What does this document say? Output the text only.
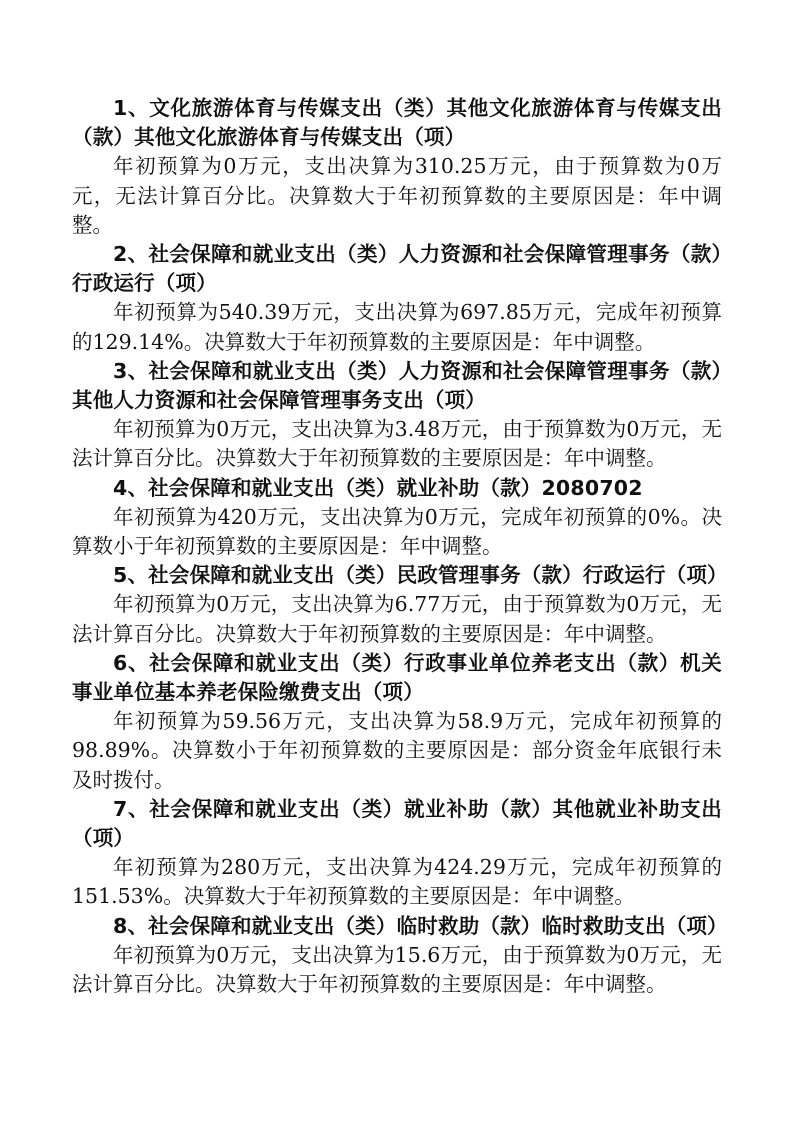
1、文化旅游体育与传媒支出（类）其他文化旅游体育与传媒支出（款）其他文化旅游体育与传媒支出（项）

年初预算为0万元，支出决算为310.25万元，由于预算数为0万元，无法计算百分比。决算数大于年初预算数的主要原因是：年中调整。

2、社会保障和就业支出（类）人力资源和社会保障管理事务（款）行政运行（项）

年初预算为540.39万元，支出决算为697.85万元，完成年初预算的129.14%。决算数大于年初预算数的主要原因是：年中调整。

3、社会保障和就业支出（类）人力资源和社会保障管理事务（款）其他人力资源和社会保障管理事务支出（项）

年初预算为0万元，支出决算为3.48万元，由于预算数为0万元，无法计算百分比。决算数大于年初预算数的主要原因是：年中调整。

4、社会保障和就业支出（类）就业补助（款）2080702

年初预算为420万元，支出决算为0万元，完成年初预算的0%。决算数小于年初预算数的主要原因是：年中调整。

5、社会保障和就业支出（类）民政管理事务（款）行政运行（项）

年初预算为0万元，支出决算为6.77万元，由于预算数为0万元，无法计算百分比。决算数大于年初预算数的主要原因是：年中调整。

6、社会保障和就业支出（类）行政事业单位养老支出（款）机关事业单位基本养老保险缴费支出（项）

年初预算为59.56万元，支出决算为58.9万元，完成年初预算的98.89%。决算数小于年初预算数的主要原因是：部分资金年底银行未及时拨付。

7、社会保障和就业支出（类）就业补助（款）其他就业补助支出（项）

年初预算为280万元，支出决算为424.29万元，完成年初预算的151.53%。决算数大于年初预算数的主要原因是：年中调整。

8、社会保障和就业支出（类）临时救助（款）临时救助支出（项）

年初预算为0万元，支出决算为15.6万元，由于预算数为0万元，无法计算百分比。决算数大于年初预算数的主要原因是：年中调整。
